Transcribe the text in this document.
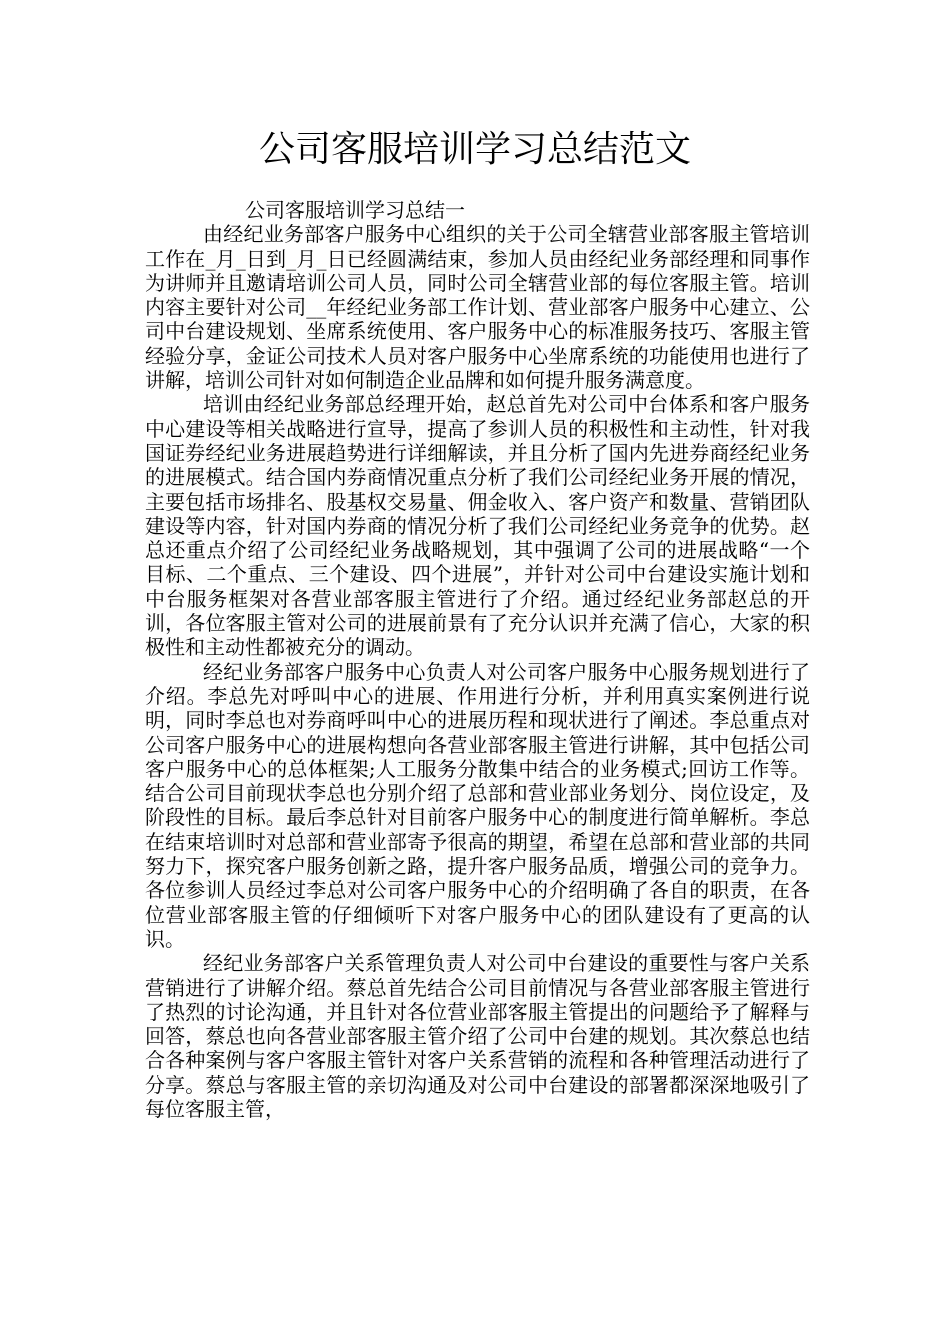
公司客服培训学习总结范文

公司客服培训学习总结一

由经纪业务部客户服务中心组织的关于公司全辖营业部客服主管培训工作在_月_日到_月_日已经圆满结束，参加人员由经纪业务部经理和同事作为讲师并且邀请培训公司人员，同时公司全辖营业部的每位客服主管。培训内容主要针对公司__年经纪业务部工作计划、营业部客户服务中心建立、公司中台建设规划、坐席系统使用、客户服务中心的标准服务技巧、客服主管经验分享，金证公司技术人员对客户服务中心坐席系统的功能使用也进行了讲解，培训公司针对如何制造企业品牌和如何提升服务满意度。

培训由经纪业务部总经理开始，赵总首先对公司中台体系和客户服务中心建设等相关战略进行宣导，提高了参训人员的积极性和主动性，针对我国证券经纪业务进展趋势进行详细解读，并且分析了国内先进券商经纪业务的进展模式。结合国内券商情况重点分析了我们公司经纪业务开展的情况，主要包括市场排名、股基权交易量、佣金收入、客户资产和数量、营销团队建设等内容，针对国内券商的情况分析了我们公司经纪业务竞争的优势。赵总还重点介绍了公司经纪业务战略规划，其中强调了公司的进展战略“一个目标、二个重点、三个建设、四个进展”，并针对公司中台建设实施计划和中台服务框架对各营业部客服主管进行了介绍。通过经纪业务部赵总的开训，各位客服主管对公司的进展前景有了充分认识并充满了信心，大家的积极性和主动性都被充分的调动。

经纪业务部客户服务中心负责人对公司客户服务中心服务规划进行了介绍。李总先对呼叫中心的进展、作用进行分析，并利用真实案例进行说明，同时李总也对券商呼叫中心的进展历程和现状进行了阐述。李总重点对公司客户服务中心的进展构想向各营业部客服主管进行讲解，其中包括公司客户服务中心的总体框架;人工服务分散集中结合的业务模式;回访工作等。结合公司目前现状李总也分别介绍了总部和营业部业务划分、岗位设定，及阶段性的目标。最后李总针对目前客户服务中心的制度进行简单解析。李总在结束培训时对总部和营业部寄予很高的期望，希望在总部和营业部的共同努力下，探究客户服务创新之路，提升客户服务品质，增强公司的竞争力。各位参训人员经过李总对公司客户服务中心的介绍明确了各自的职责，在各位营业部客服主管的仔细倾听下对客户服务中心的团队建设有了更高的认识。

经纪业务部客户关系管理负责人对公司中台建设的重要性与客户关系营销进行了讲解介绍。蔡总首先结合公司目前情况与各营业部客服主管进行了热烈的讨论沟通，并且针对各位营业部客服主管提出的问题给予了解释与回答，蔡总也向各营业部客服主管介绍了公司中台建的规划。其次蔡总也结合各种案例与客户客服主管针对客户关系营销的流程和各种管理活动进行了分享。蔡总与客服主管的亲切沟通及对公司中台建设的部署都深深地吸引了每位客服主管，
